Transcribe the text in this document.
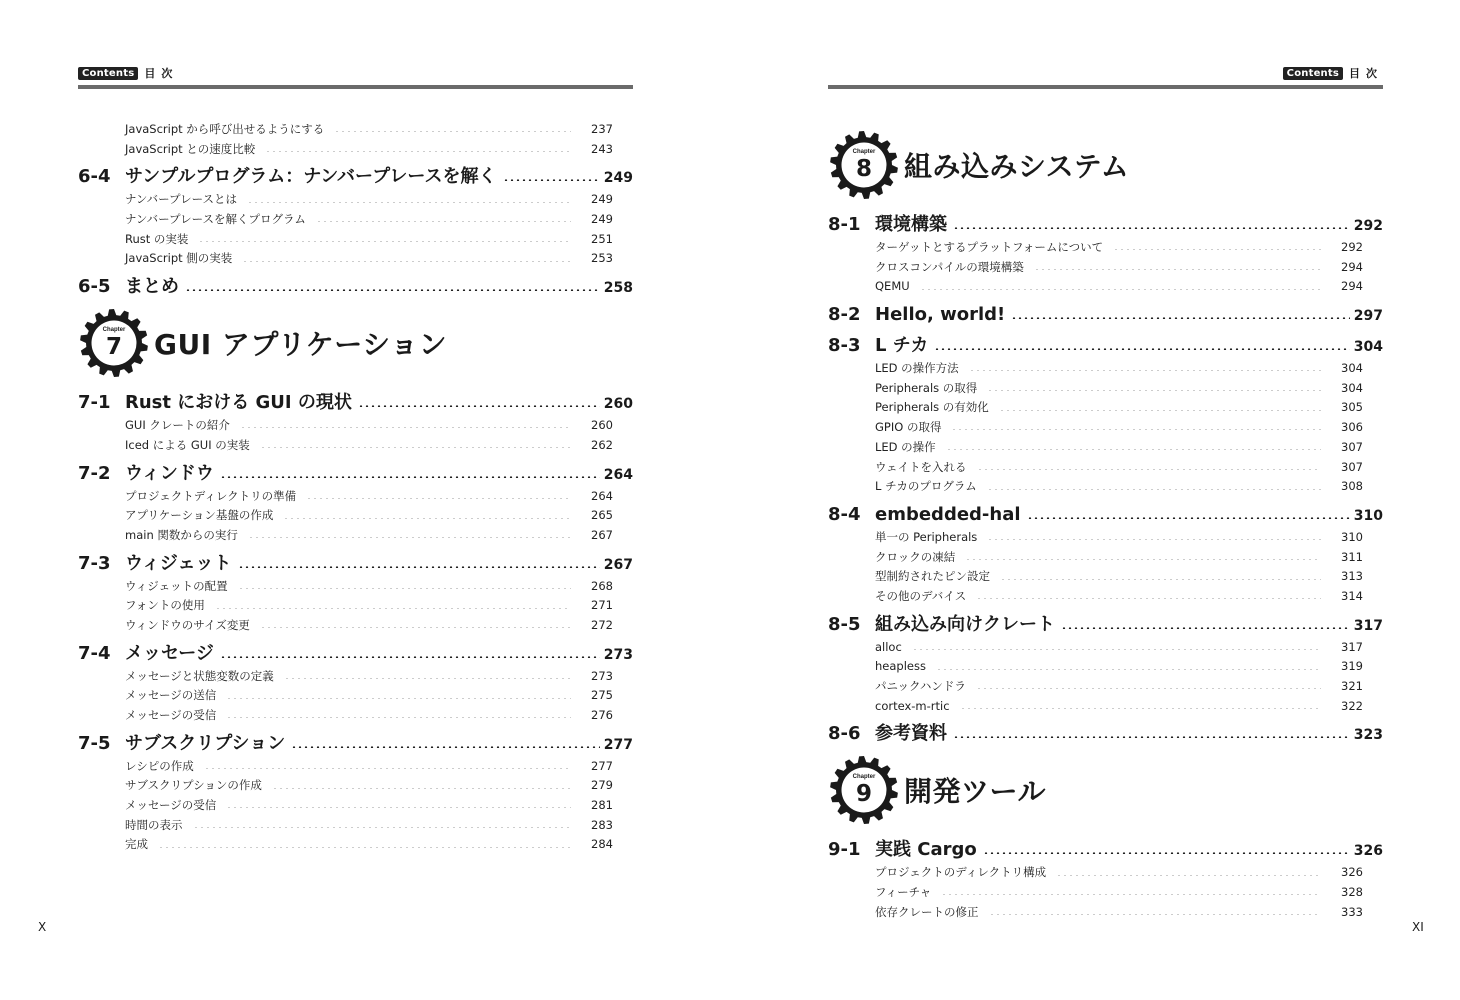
Contents 目次
JavaScript から呼び出せるようにする	237
JavaScript との速度比較	243
6-4 サンプルプログラム：ナンバープレースを解く	249
ナンバープレースとは	249
ナンバープレースを解くプログラム	249
Rust の実装	251
JavaScript 側の実装	253
6-5 まとめ	258
Chapter
7 GUI アプリケーション
7-1 Rust における GUI の現状	260
GUI クレートの紹介	260
Iced による GUI の実装	262
7-2 ウィンドウ	264
プロジェクトディレクトリの準備	264
アプリケーション基盤の作成	265
main 関数からの実行	267
7-3 ウィジェット	267
ウィジェットの配置	268
フォントの使用	271
ウィンドウのサイズ変更	272
7-4 メッセージ	273
メッセージと状態変数の定義	273
メッセージの送信	275
メッセージの受信	276
7-5 サブスクリプション	277
レシピの作成	277
サブスクリプションの作成	279
メッセージの受信	281
時間の表示	283
完成	284
Contents 目次
Chapter
8 組み込みシステム
8-1 環境構築	292
ターゲットとするプラットフォームについて	292
クロスコンパイルの環境構築	294
QEMU	294
8-2 Hello, world!	297
8-3 L チカ	304
LED の操作方法	304
Peripherals の取得	304
Peripherals の有効化	305
GPIO の取得	306
LED の操作	307
ウェイトを入れる	307
L チカのプログラム	308
8-4 embedded-hal	310
単一の Peripherals	310
クロックの凍結	311
型制約されたピン設定	313
その他のデバイス	314
8-5 組み込み向けクレート	317
alloc	317
heapless	319
パニックハンドラ	321
cortex-m-rtic	322
8-6 参考資料	323
Chapter
9 開発ツール
9-1 実践 Cargo	326
プロジェクトのディレクトリ構成	326
フィーチャ	328
依存クレートの修正	333
X	XI
